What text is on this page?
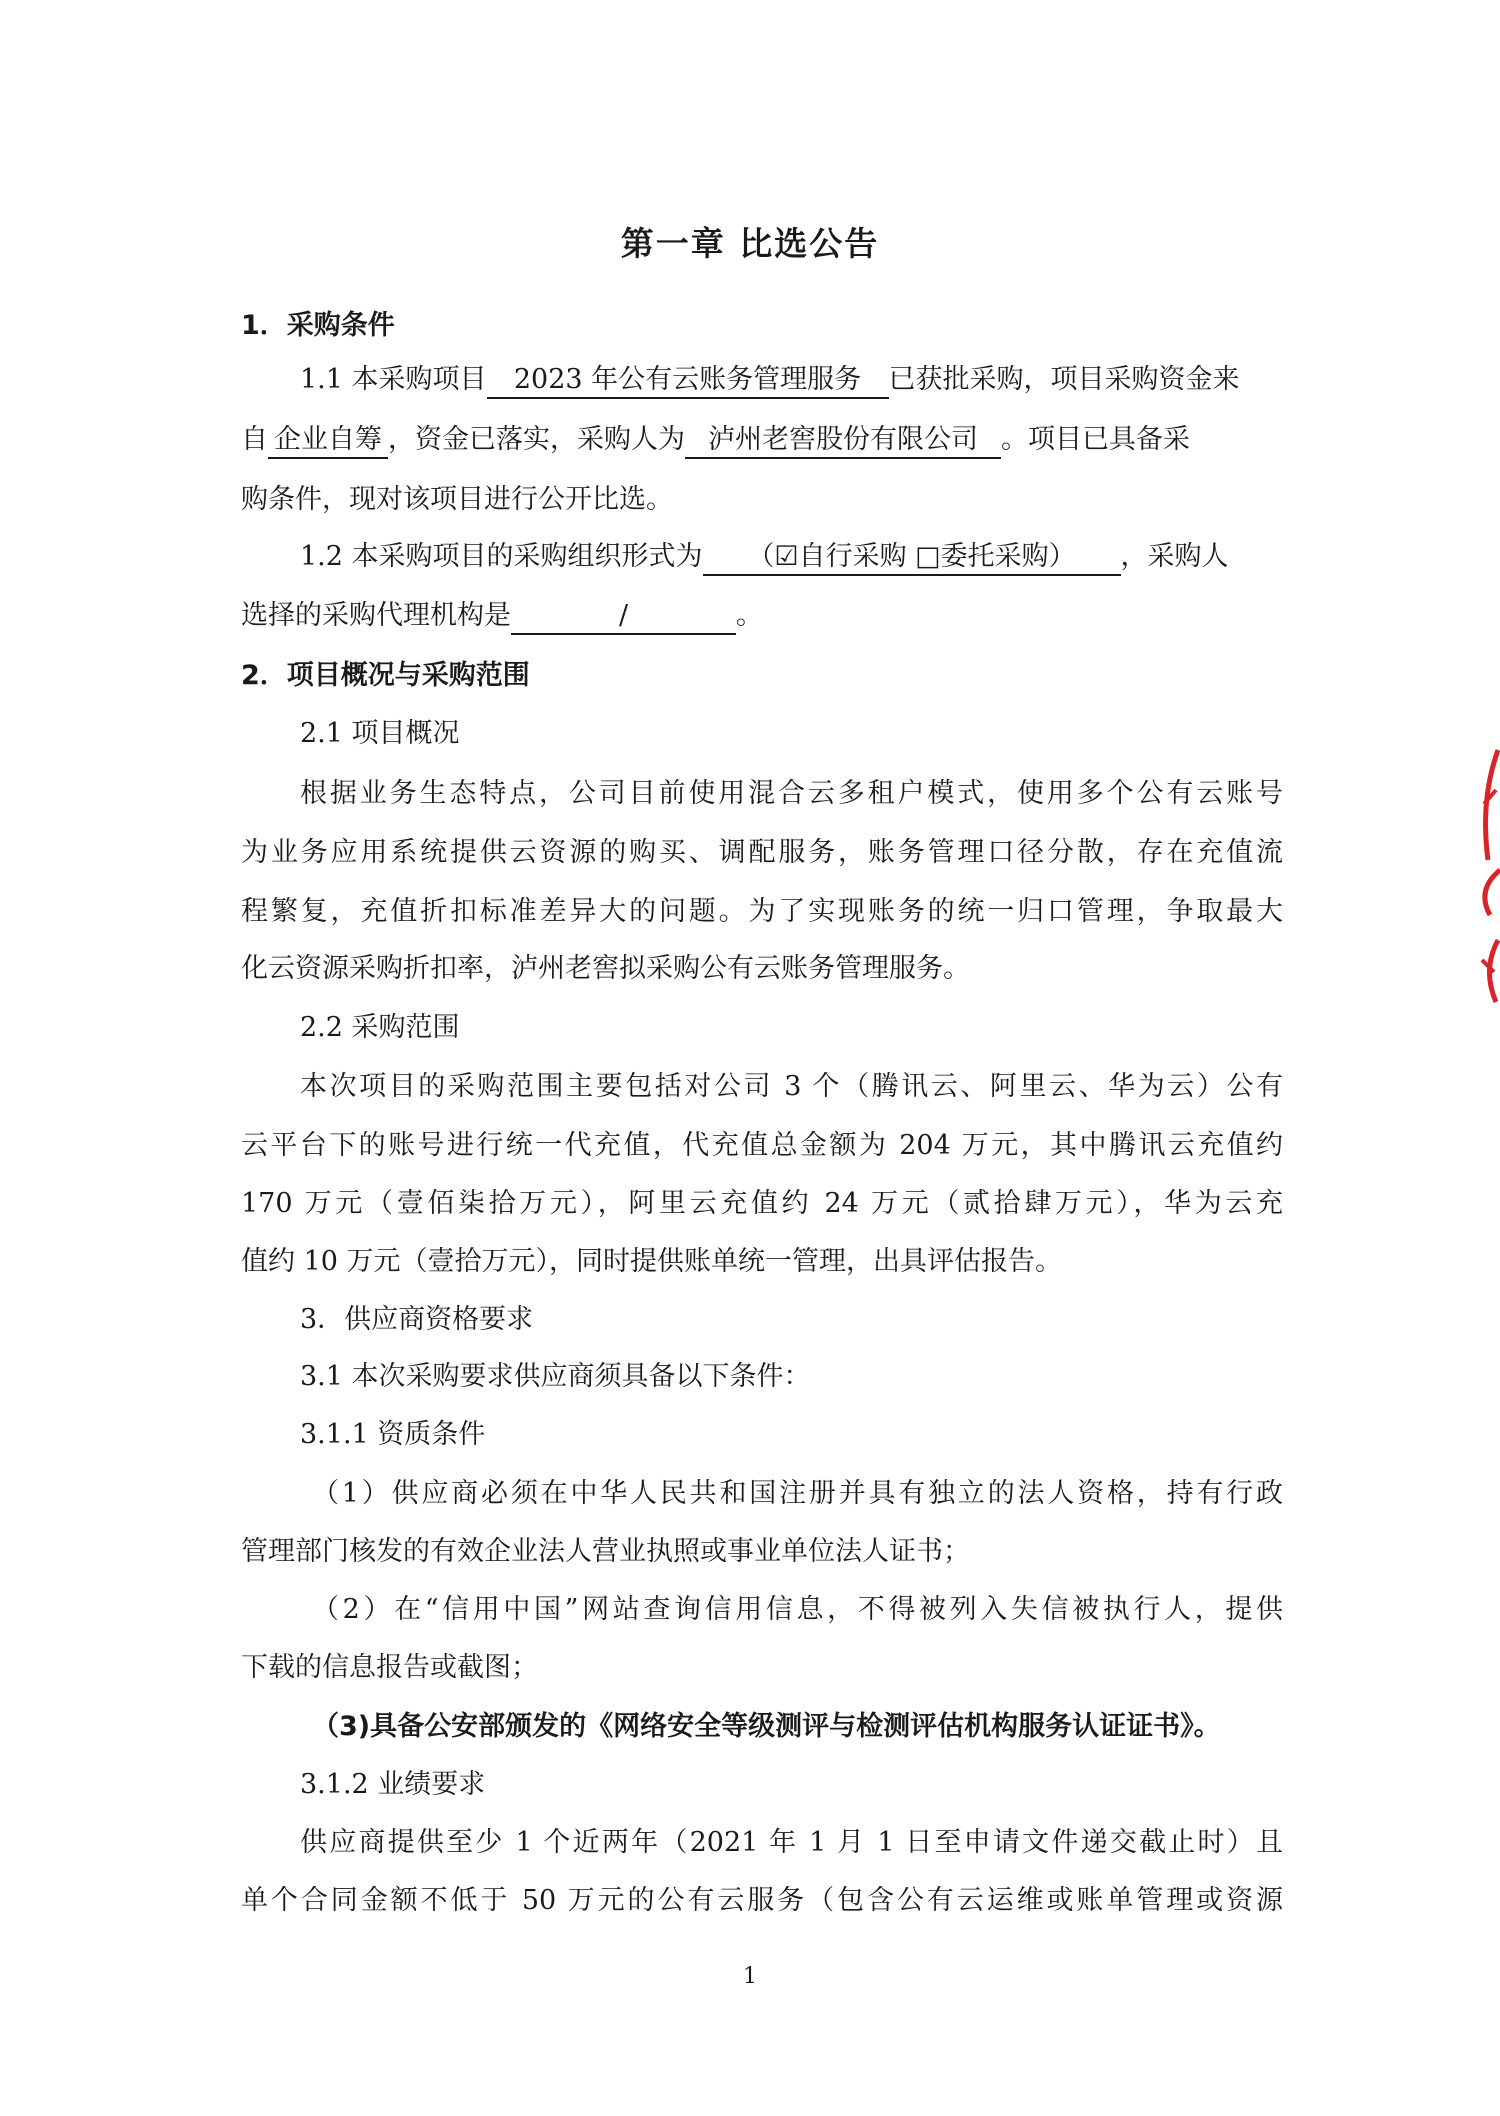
第一章 比选公告
1．采购条件
1.1 本采购项目 2023 年公有云账务管理服务 已获批采购，项目采购资金来
自 企业自筹 ，资金已落实，采购人为 泸州老窖股份有限公司 。项目已具备采
购条件，现对该项目进行公开比选。
1.2 本采购项目的采购组织形式为 （☑自行采购 □委托采购） ，采购人
选择的采购代理机构是	/	。
2．项目概况与采购范围
2.1 项目概况
根据业务生态特点，公司目前使用混合云多租户模式，使用多个公有云账号
为业务应用系统提供云资源的购买、调配服务，账务管理口径分散，存在充值流
程繁复，充值折扣标准差异大的问题。为了实现账务的统一归口管理，争取最大
化云资源采购折扣率，泸州老窖拟采购公有云账务管理服务。
2.2 采购范围
本次项目的采购范围主要包括对公司 3 个（腾讯云、阿里云、华为云）公有
云平台下的账号进行统一代充值，代充值总金额为 204 万元，其中腾讯云充值约
170 万元（壹佰柒拾万元），阿里云充值约 24 万元（贰拾肆万元），华为云充
值约 10 万元（壹拾万元），同时提供账单统一管理，出具评估报告。
3．供应商资格要求
3.1 本次采购要求供应商须具备以下条件：
3.1.1 资质条件
（1）供应商必须在中华人民共和国注册并具有独立的法人资格，持有行政
管理部门核发的有效企业法人营业执照或事业单位法人证书；
（2）在“信用中国”网站查询信用信息，不得被列入失信被执行人，提供
下载的信息报告或截图；
（3)具备公安部颁发的《网络安全等级测评与检测评估机构服务认证证书》。
3.1.2 业绩要求
供应商提供至少 1 个近两年（2021 年 1 月 1 日至申请文件递交截止时）且
单个合同金额不低于 50 万元的公有云服务（包含公有云运维或账单管理或资源
1
